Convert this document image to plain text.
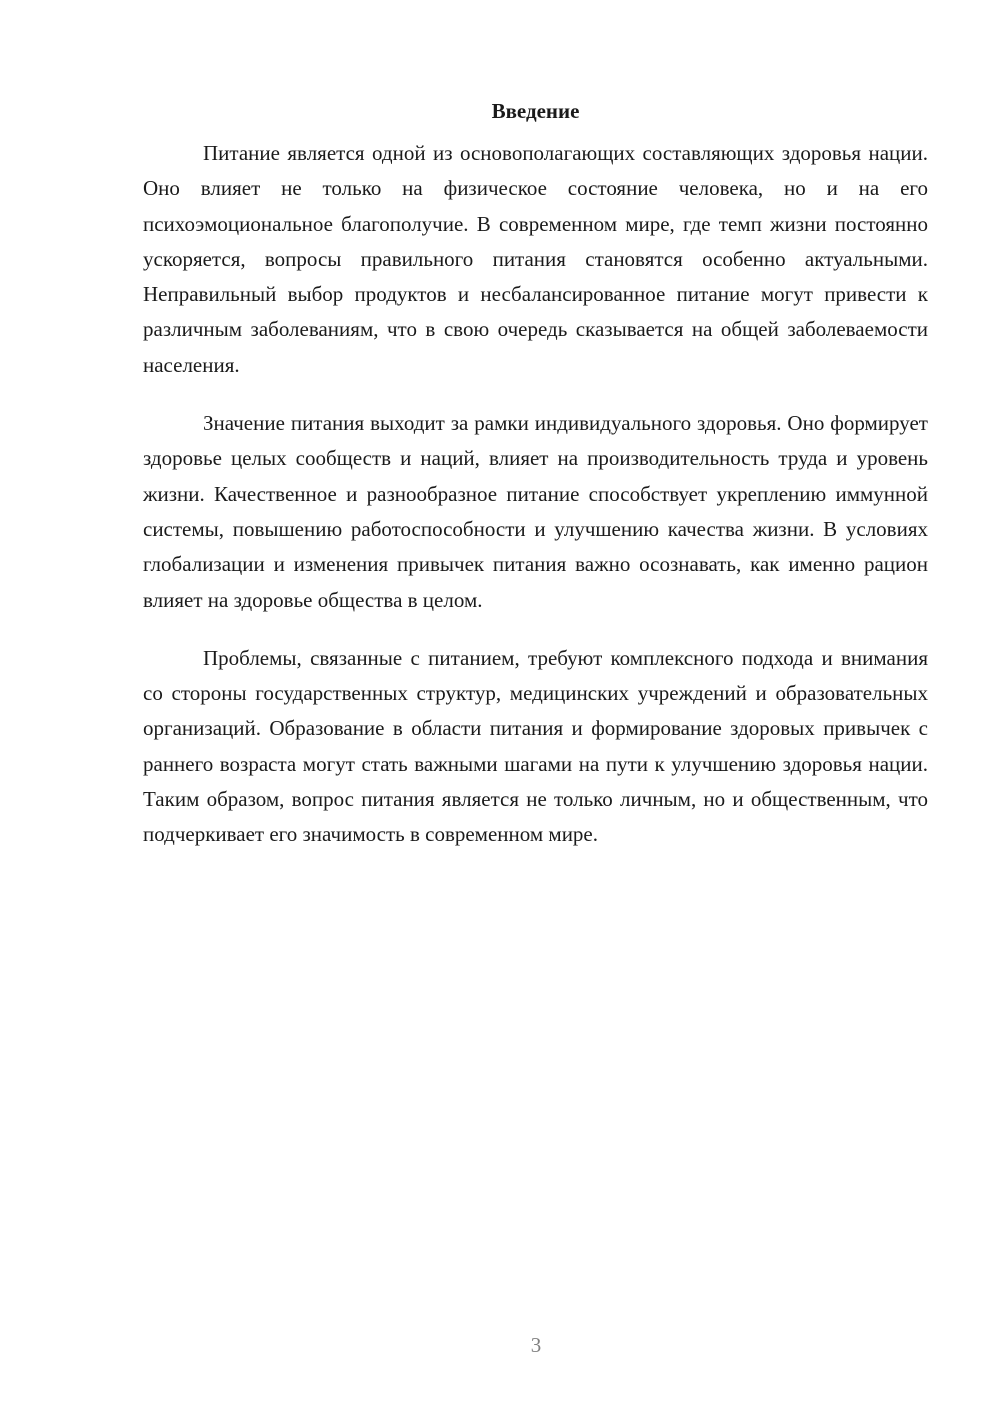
Введение

Питание является одной из основополагающих составляющих здоровья нации. Оно влияет не только на физическое состояние человека, но и на его психоэмоциональное благополучие. В современном мире, где темп жизни постоянно ускоряется, вопросы правильного питания становятся особенно актуальными. Неправильный выбор продуктов и несбалансированное питание могут привести к различным заболеваниям, что в свою очередь сказывается на общей заболеваемости населения.

Значение питания выходит за рамки индивидуального здоровья. Оно формирует здоровье целых сообществ и наций, влияет на производительность труда и уровень жизни. Качественное и разнообразное питание способствует укреплению иммунной системы, повышению работоспособности и улучшению качества жизни. В условиях глобализации и изменения привычек питания важно осознавать, как именно рацион влияет на здоровье общества в целом.

Проблемы, связанные с питанием, требуют комплексного подхода и внимания со стороны государственных структур, медицинских учреждений и образовательных организаций. Образование в области питания и формирование здоровых привычек с раннего возраста могут стать важными шагами на пути к улучшению здоровья нации. Таким образом, вопрос питания является не только личным, но и общественным, что подчеркивает его значимость в современном мире.

3
